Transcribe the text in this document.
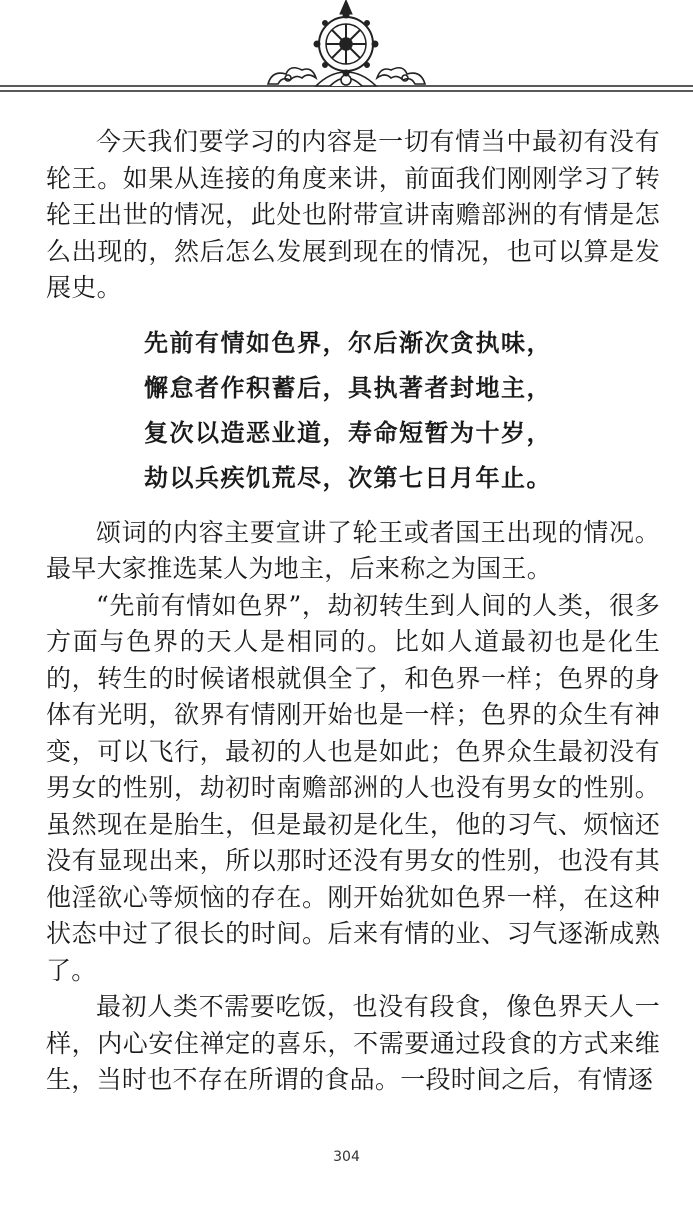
今天我们要学习的内容是一切有情当中最初有没有轮王。如果从连接的角度来讲，前面我们刚刚学习了转轮王出世的情况，此处也附带宣讲南赡部洲的有情是怎么出现的，然后怎么发展到现在的情况，也可以算是发展史。

先前有情如色界，尔后渐次贪执味，
懈怠者作积蓄后，具执著者封地主，
复次以造恶业道，寿命短暂为十岁，
劫以兵疾饥荒尽，次第七日月年止。

颂词的内容主要宣讲了轮王或者国王出现的情况。最早大家推选某人为地主，后来称之为国王。

“先前有情如色界”，劫初转生到人间的人类，很多方面与色界的天人是相同的。比如人道最初也是化生的，转生的时候诸根就俱全了，和色界一样；色界的身体有光明，欲界有情刚开始也是一样；色界的众生有神变，可以飞行，最初的人也是如此；色界众生最初没有男女的性别，劫初时南赡部洲的人也没有男女的性别。虽然现在是胎生，但是最初是化生，他的习气、烦恼还没有显现出来，所以那时还没有男女的性别，也没有其他淫欲心等烦恼的存在。刚开始犹如色界一样，在这种状态中过了很长的时间。后来有情的业、习气逐渐成熟了。

最初人类不需要吃饭，也没有段食，像色界天人一样，内心安住禅定的喜乐，不需要通过段食的方式来维生，当时也不存在所谓的食品。一段时间之后，有情逐

304
